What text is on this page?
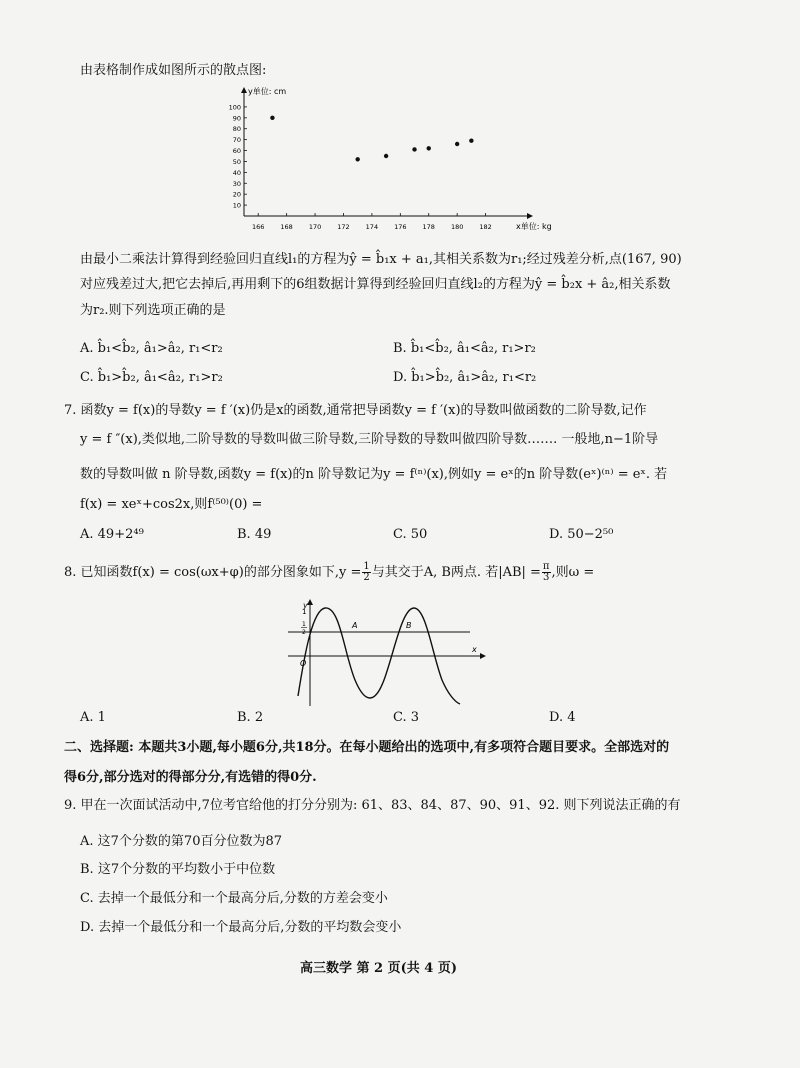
由表格制作成如图所示的散点图:
y单位: cm
x单位: kg
10
20
30
40
50
60
70
80
90
100
166 168 170 172 174 176 178 180 182
由最小二乘法计算得到经验回归直线l₁的方程为ŷ = b̂₁x + a₁,其相关系数为r₁;经过残差分析,点(167, 90)
对应残差过大,把它去掉后,再用剩下的6组数据计算得到经验回归直线l₂的方程为ŷ = b̂₂x + â₂,相关系数
为r₂.则下列选项正确的是
A. b̂₁<b̂₂, â₁>â₂, r₁<r₂	B. b̂₁<b̂₂, â₁<â₂, r₁>r₂
C. b̂₁>b̂₂, â₁<â₂, r₁>r₂	D. b̂₁>b̂₂, â₁>â₂, r₁<r₂
7. 函数y = f(x)的导数y = f ′(x)仍是x的函数,通常把导函数y = f ′(x)的导数叫做函数的二阶导数,记作
y = f ″(x),类似地,二阶导数的导数叫做三阶导数,三阶导数的导数叫做四阶导数……. 一般地,n−1阶导
数的导数叫做 n 阶导数,函数y = f(x)的n 阶导数记为y = f⁽ⁿ⁾(x),例如y = eˣ的n 阶导数(eˣ)⁽ⁿ⁾ = eˣ. 若
f(x) = xeˣ+cos2x,则f⁽⁵⁰⁾(0) =
A. 49+2⁴⁹	B. 49	C. 50	D. 50−2⁵⁰
8. 已知函数f(x) = cos(ωx+φ)的部分图象如下$,y = \frac{1}{2}$ 与其交于A, B两点. 若$|AB| = \frac{\pi}{3}$ ,则ω =
y
x
O
1
1
2
A	B
A. 1	B. 2	C. 3	D. 4
二、选择题: 本题共3小题,每小题6分,共18分。在每小题给出的选项中,有多项符合题目要求。全部选对的
得6分,部分选对的得部分分,有选错的得0分.
9. 甲在一次面试活动中,7位考官给他的打分分别为: 61、83、84、87、90、91、92. 则下列说法正确的有
A. 这7个分数的第70百分位数为87
B. 这7个分数的平均数小于中位数
C. 去掉一个最低分和一个最高分后,分数的方差会变小
D. 去掉一个最低分和一个最高分后,分数的平均数会变小
高三数学 第 2 页(共 4 页)
